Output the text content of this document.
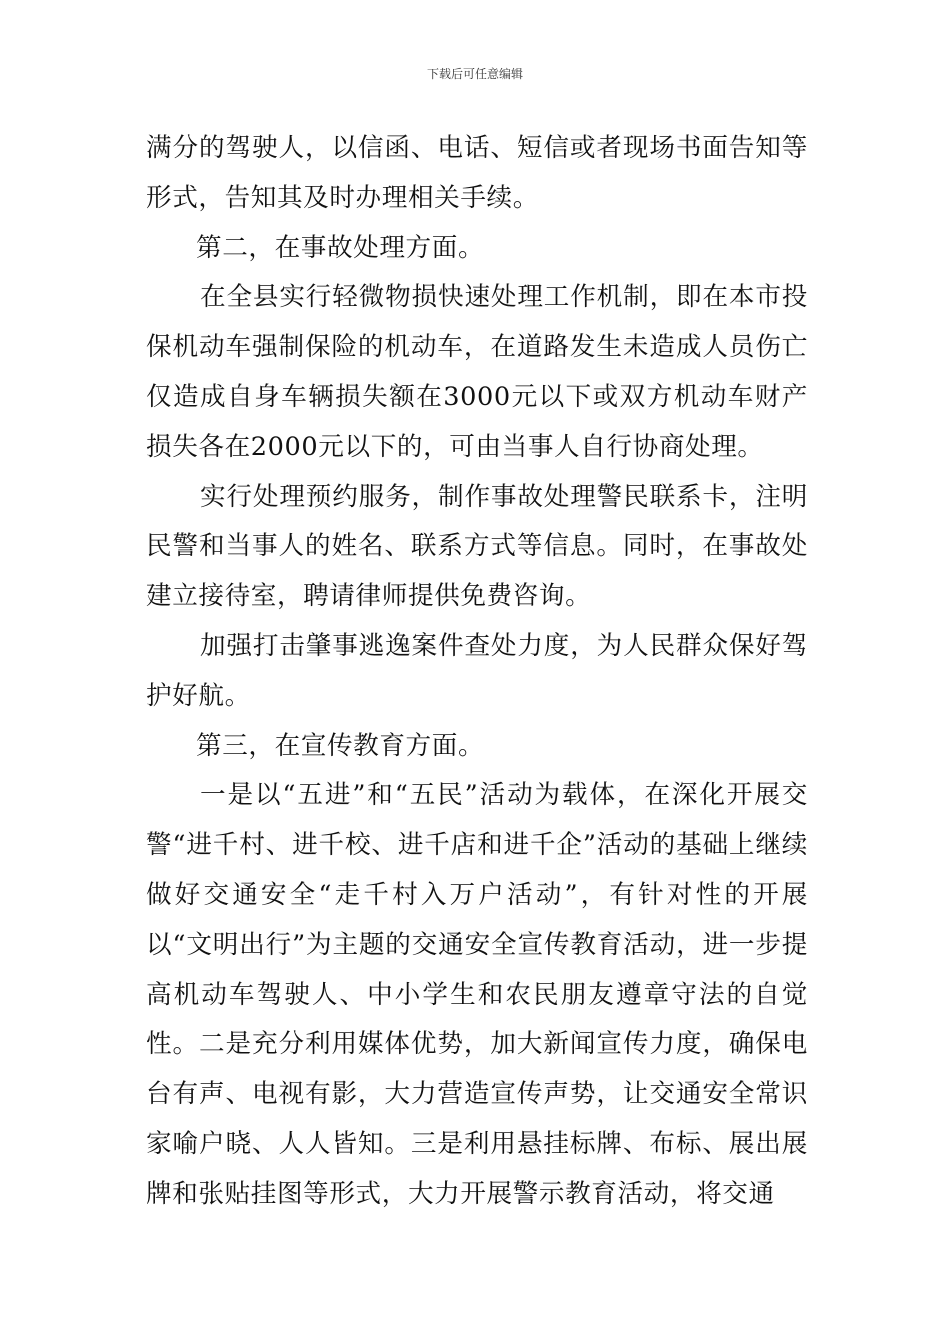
下载后可任意编辑

满分的驾驶人，以信函、电话、短信或者现场书面告知等形式，告知其及时办理相关手续。

第二，在事故处理方面。

在全县实行轻微物损快速处理工作机制，即在本市投保机动车强制保险的机动车，在道路发生未造成人员伤亡仅造成自身车辆损失额在3000元以下或双方机动车财产损失各在2000元以下的，可由当事人自行协商处理。

实行处理预约服务，制作事故处理警民联系卡，注明民警和当事人的姓名、联系方式等信息。同时，在事故处建立接待室，聘请律师提供免费咨询。

加强打击肇事逃逸案件查处力度，为人民群众保好驾护好航。

第三，在宣传教育方面。

一是以“五进”和“五民”活动为载体，在深化开展交警“进千村、进千校、进千店和进千企”活动的基础上继续做好交通安全“走千村入万户活动”，有针对性的开展以“文明出行”为主题的交通安全宣传教育活动，进一步提高机动车驾驶人、中小学生和农民朋友遵章守法的自觉性。二是充分利用媒体优势，加大新闻宣传力度，确保电台有声、电视有影，大力营造宣传声势，让交通安全常识家喻户晓、人人皆知。三是利用悬挂标牌、布标、展出展牌和张贴挂图等形式，大力开展警示教育活动，将交通
